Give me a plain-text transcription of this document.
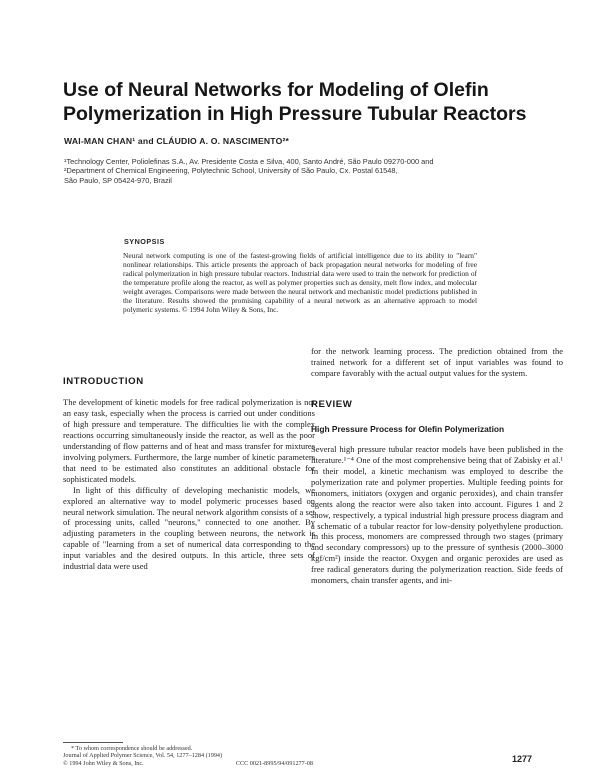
Use of Neural Networks for Modeling of Olefin
Polymerization in High Pressure Tubular Reactors
WAI-MAN CHAN¹ and CLÁUDIO A. O. NASCIMENTO²*

¹Technology Center, Poliolefinas S.A., Av. Presidente Costa e Silva, 400, Santo André, São Paulo 09270-000 and

²Department of Chemical Engineering, Polytechnic School, University of São Paulo, Cx. Postal 61548,

São Paulo, SP 05424-970, Brazil

SYNOPSIS

Neural network computing is one of the fastest-growing fields of artificial intelligence due to its ability to "learn" nonlinear relationships. This article presents the approach of back propagation neural networks for modeling of free radical polymerization in high pressure tubular reactors. Industrial data were used to train the network for prediction of the temperature profile along the reactor, as well as polymer properties such as density, melt flow index, and molecular weight averages. Comparisons were made between the neural network and mechanistic model predictions published in the literature. Results showed the promising capability of a neural network as an alternative approach to model polymeric systems. © 1994 John Wiley & Sons, Inc.

INTRODUCTION

The development of kinetic models for free radical polymerization is not an easy task, especially when the process is carried out under conditions of high pressure and temperature. The difficulties lie with the complex reactions occurring simultaneously inside the reactor, as well as the poor understanding of flow patterns and of heat and mass transfer for mixtures involving polymers. Furthermore, the large number of kinetic parameters that need to be estimated also constitutes an additional obstacle for sophisticated models.

In light of this difficulty of developing mechanistic models, we explored an alternative way to model polymeric processes based on neural network simulation. The neural network algorithm consists of a set of processing units, called "neurons," connected to one another. By adjusting parameters in the coupling between neurons, the network is capable of "learning from a set of numerical data corresponding to the input variables and the desired outputs. In this article, three sets of industrial data were used

for the network learning process. The prediction obtained from the trained network for a different set of input variables was found to compare favorably with the actual output values for the system.

REVIEW
High Pressure Process for Olefin Polymerization

Several high pressure tubular reactor models have been published in the literature.¹⁻⁴ One of the most comprehensive being that of Zabisky et al.¹ In their model, a kinetic mechanism was employed to describe the polymerization rate and polymer properties. Multiple feeding points for monomers, initiators (oxygen and organic peroxides), and chain transfer agents along the reactor were also taken into account. Figures 1 and 2 show, respectively, a typical industrial high pressure process diagram and a schematic of a tubular reactor for low-density polyethylene production. In this process, monomers are compressed through two stages (primary and secondary compressors) up to the pressure of synthesis (2000–3000 kgf/cm²) inside the reactor. Oxygen and organic peroxides are used as free radical generators during the polymerization reaction. Side feeds of monomers, chain transfer agents, and ini-

* To whom correspondence should be addressed.

Journal of Applied Polymer Science, Vol. 54, 1277–1284 (1994)

© 1994 John Wiley & Sons, Inc.	CCC 0021-8995/94/091277-08	1277
